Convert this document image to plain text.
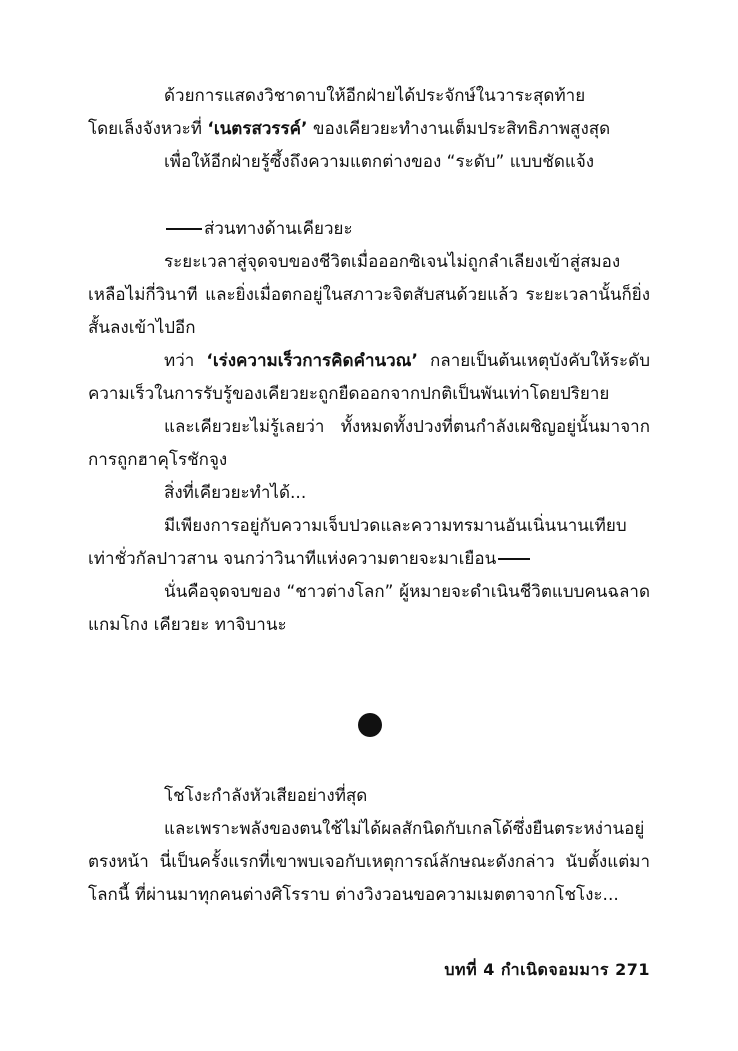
ด้วยการแสดงวิชาดาบให้อีกฝ่ายได้ประจักษ์ในวาระสุดท้าย

โดยเล็งจังหวะที่ ‘เนตรสวรรค์’ ของเคียวยะทำงานเต็มประสิทธิภาพสูงสุด

เพื่อให้อีกฝ่ายรู้ซึ้งถึงความแตกต่างของ “ระดับ” แบบชัดแจ้ง

ส่วนทางด้านเคียวยะ

ระยะเวลาสู่จุดจบของชีวิตเมื่อออกซิเจนไม่ถูกลำเลียงเข้าสู่สมองเหลือไม่กี่วินาที และยิ่งเมื่อตกอยู่ในสภาวะจิตสับสนด้วยแล้ว ระยะเวลานั้นก็ยิ่งสั้นลงเข้าไปอีก

ทว่า ‘เร่งความเร็วการคิดคำนวณ’ กลายเป็นต้นเหตุบังคับให้ระดับความเร็วในการรับรู้ของเคียวยะถูกยืดออกจากปกติเป็นพันเท่าโดยปริยาย

และเคียวยะไม่รู้เลยว่า ทั้งหมดทั้งปวงที่ตนกำลังเผชิญอยู่นั้นมาจากการถูกฮาคุโรชักจูง

สิ่งที่เคียวยะทำได้...

มีเพียงการอยู่กับความเจ็บปวดและความทรมานอันเนิ่นนานเทียบเท่าชั่วกัลปาวสาน จนกว่าวินาทีแห่งความตายจะมาเยือน

นั่นคือจุดจบของ “ชาวต่างโลก” ผู้หมายจะดำเนินชีวิตแบบคนฉลาดแกมโกง เคียวยะ ทาจิบานะ

โชโงะกำลังหัวเสียอย่างที่สุด

และเพราะพลังของตนใช้ไม่ได้ผลสักนิดกับเกลโด้ซึ่งยืนตระหง่านอยู่ตรงหน้า นี่เป็นครั้งแรกที่เขาพบเจอกับเหตุการณ์ลักษณะดังกล่าว นับตั้งแต่มาโลกนี้ ที่ผ่านมาทุกคนต่างศิโรราบ ต่างวิงวอนขอความเมตตาจากโชโงะ...

บทที่ 4 กำเนิดจอมมาร 271
